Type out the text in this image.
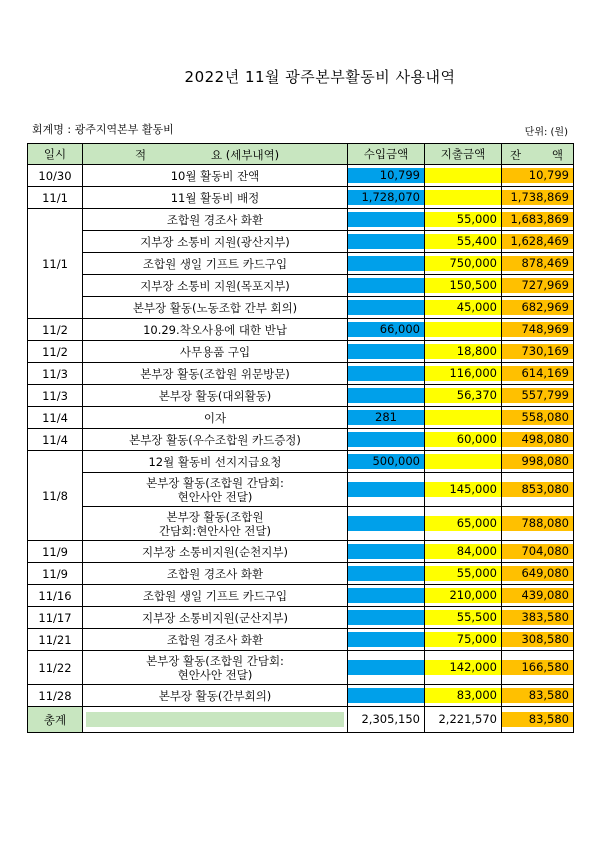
2022년 11월 광주본부활동비 사용내역
회계명 : 광주지역본부 활동비	단위: (원)
일시	적 요 (세부내역)	수입금액	지출금액	잔 액

10/30	10월 활동비 잔액	10,799		10,799

11/1	11월 활동비 배정	1,728,070		1,738,869

11/1	조합원 경조사 화환		55,000	1,683,869

	지부장 소통비 지원(광산지부)		55,400	1,628,469

	조합원 생일 기프트 카드구입		750,000	878,469

	지부장 소통비 지원(목포지부)		150,500	727,969

	본부장 활동(노동조합 간부 회의)		45,000	682,969

11/2	10.29.착오사용에 대한 반납	66,000		748,969

11/2	사무용품 구입		18,800	730,169

11/3	본부장 활동(조합원 위문방문)		116,000	614,169

11/3	본부장 활동(대외활동)		56,370	557,799

11/4	이자	281		558,080

11/4	본부장 활동(우수조합원 카드증정)		60,000	498,080

11/8	12월 활동비 선지지급요청	500,000		998,080

	본부장 활동(조합원 간담회:
현안사안 전달)		145,000	853,080

	본부장 활동(조합원
간담회:현안사안 전달)		65,000	788,080

11/9	지부장 소통비지원(순천지부)		84,000	704,080

11/9	조합원 경조사 화환		55,000	649,080

11/16	조합원 생일 기프트 카드구입		210,000	439,080

11/17	지부장 소통비지원(군산지부)		55,500	383,580

11/21	조합원 경조사 화환		75,000	308,580

11/22	본부장 활동(조합원 간담회:
현안사안 전달)		142,000	166,580

11/28	본부장 활동(간부회의)		83,000	83,580

총계		2,305,150	2,221,570	83,580
